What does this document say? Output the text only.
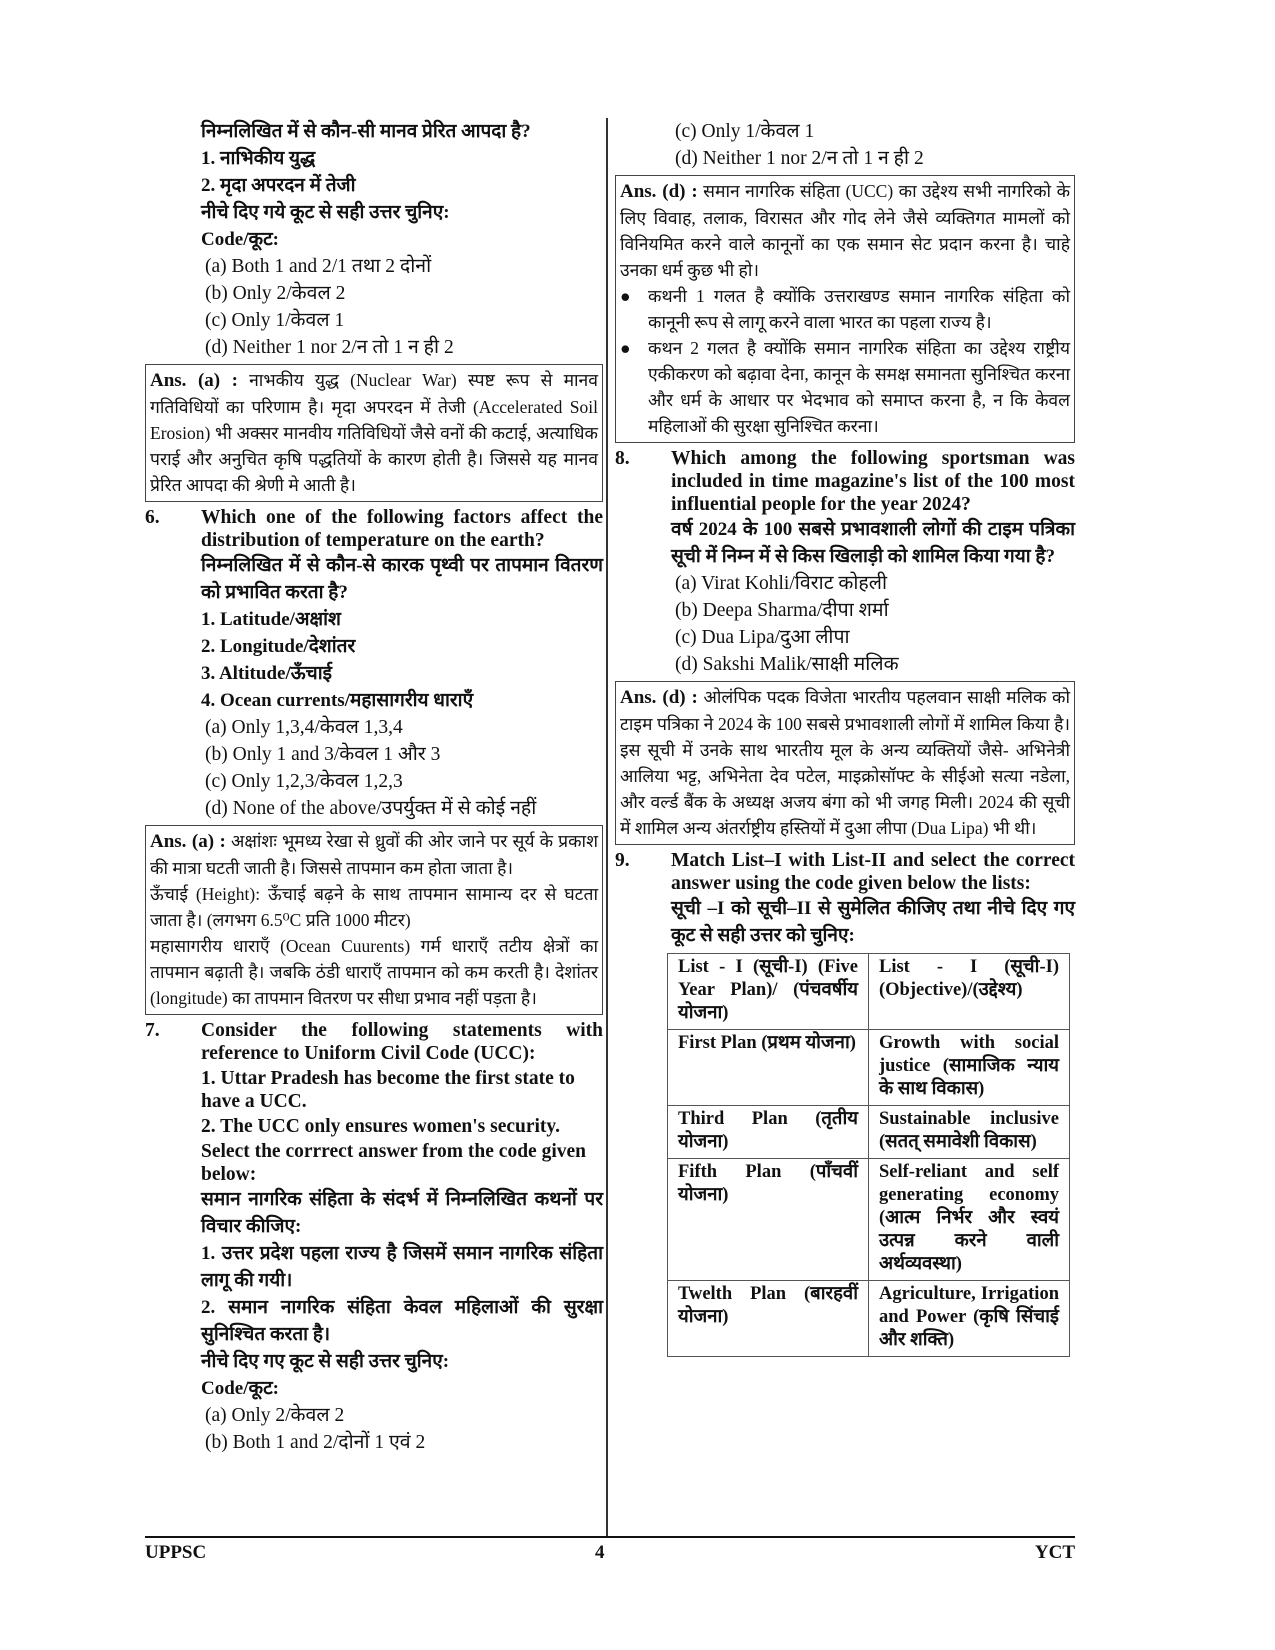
निम्नलिखित में से कौन-सी मानव प्रेरित आपदा है?
1. नाभिकीय युद्ध
2. मृदा अपरदन में तेजी
नीचे दिए गये कूट से सही उत्तर चुनिए:
Code/कूट:
(a) Both 1 and 2/1 तथा 2 दोनों
(b) Only 2/केवल 2
(c) Only 1/केवल 1
(d) Neither 1 nor 2/न तो 1 न ही 2
Ans. (a) : नाभकीय युद्ध (Nuclear War) स्पष्ट रूप से मानव गतिविधियों का परिणाम है। मृदा अपरदन में तेजी (Accelerated Soil Erosion) भी अक्सर मानवीय गतिविधियों जैसे वनों की कटाई, अत्याधिक पराई और अनुचित कृषि पद्धतियों के कारण होती है। जिससे यह मानव प्रेरित आपदा की श्रेणी मे आती है।
6.	Which one of the following factors affect the distribution of temperature on the earth?
निम्नलिखित में से कौन-से कारक पृथ्वी पर तापमान वितरण को प्रभावित करता है?
1. Latitude/अक्षांश
2. Longitude/देशांतर
3. Altitude/ऊँचाई
4. Ocean currents/महासागरीय धाराएँ
(a) Only 1,3,4/केवल 1,3,4
(b) Only 1 and 3/केवल 1 और 3
(c) Only 1,2,3/केवल 1,2,3
(d) None of the above/उपर्युक्त में से कोई नहीं
Ans. (a) : अक्षांशः भूमध्य रेखा से ध्रुवों की ओर जाने पर सूर्य के प्रकाश की मात्रा घटती जाती है। जिससे तापमान कम होता जाता है।
ऊँचाई (Height): ऊँचाई बढ़ने के साथ तापमान सामान्य दर से घटता जाता है। (लगभग 6.5⁰C प्रति 1000 मीटर)
महासागरीय धाराएँ (Ocean Cuurents) गर्म धाराएँ तटीय क्षेत्रों का तापमान बढ़ाती है। जबकि ठंडी धाराएँ तापमान को कम करती है। देशांतर (longitude) का तापमान वितरण पर सीधा प्रभाव नहीं पड़ता है।
7.	Consider the following statements with reference to Uniform Civil Code (UCC):
1. Uttar Pradesh has become the first state to have a UCC.
2. The UCC only ensures women's security.
Select the corrrect answer from the code given below:
समान नागरिक संहिता के संदर्भ में निम्नलिखित कथनों पर विचार कीजिए:
1. उत्तर प्रदेश पहला राज्य है जिसमें समान नागरिक संहिता लागू की गयी।
2. समान नागरिक संहिता केवल महिलाओं की सुरक्षा सुनिश्चित करता है।
नीचे दिए गए कूट से सही उत्तर चुनिए:
Code/कूट:
(a) Only 2/केवल 2
(b) Both 1 and 2/दोनों 1 एवं 2
(c) Only 1/केवल 1
(d) Neither 1 nor 2/न तो 1 न ही 2
Ans. (d) : समान नागरिक संहिता (UCC) का उद्देश्य सभी नागरिको के लिए विवाह, तलाक, विरासत और गोद लेने जैसे व्यक्तिगत मामलों को विनियमित करने वाले कानूनों का एक समान सेट प्रदान करना है। चाहे उनका धर्म कुछ भी हो।
● कथनी 1 गलत है क्योंकि उत्तराखण्ड समान नागरिक संहिता को कानूनी रूप से लागू करने वाला भारत का पहला राज्य है।
● कथन 2 गलत है क्योंकि समान नागरिक संहिता का उद्देश्य राष्ट्रीय एकीकरण को बढ़ावा देना, कानून के समक्ष समानता सुनिश्चित करना और धर्म के आधार पर भेदभाव को समाप्त करना है, न कि केवल महिलाओं की सुरक्षा सुनिश्चित करना।
8.	Which among the following sportsman was included in time magazine's list of the 100 most influential people for the year 2024?
वर्ष 2024 के 100 सबसे प्रभावशाली लोगों की टाइम पत्रिका सूची में निम्न में से किस खिलाड़ी को शामिल किया गया है?
(a) Virat Kohli/विराट कोहली
(b) Deepa Sharma/दीपा शर्मा
(c) Dua Lipa/दुआ लीपा
(d) Sakshi Malik/साक्षी मलिक
Ans. (d) : ओलंपिक पदक विजेता भारतीय पहलवान साक्षी मलिक को टाइम पत्रिका ने 2024 के 100 सबसे प्रभावशाली लोगों में शामिल किया है। इस सूची में उनके साथ भारतीय मूल के अन्य व्यक्तियों जैसे- अभिनेत्री आलिया भट्ट, अभिनेता देव पटेल, माइक्रोसॉफ्ट के सीईओ सत्या नडेला, और वर्ल्ड बैंक के अध्यक्ष अजय बंगा को भी जगह मिली। 2024 की सूची में शामिल अन्य अंतर्राष्ट्रीय हस्तियों में दुआ लीपा (Dua Lipa) भी थी।
9.	Match List–I with List-II and select the correct answer using the code given below the lists:
सूची –I को सूची–II से सुमेलित कीजिए तथा नीचे दिए गए कूट से सही उत्तर को चुनिए:
List - I (सूची-I) (Five Year Plan)/ (पंचवर्षीय योजना)	List - I (सूची-I) (Objective)/(उद्देश्य)
First Plan (प्रथम योजना)	Growth with social justice (सामाजिक न्याय के साथ विकास)
Third Plan (तृतीय योजना)	Sustainable inclusive (सतत् समावेशी विकास)
Fifth Plan (पाँचवीं योजना)	Self-reliant and self generating economy (आत्म निर्भर और स्वयं उत्पन्न करने वाली अर्थव्यवस्था)
Twelth Plan (बारहवीं योजना)	Agriculture, Irrigation and Power (कृषि सिंचाई और शक्ति)
UPPSC	4	YCT
